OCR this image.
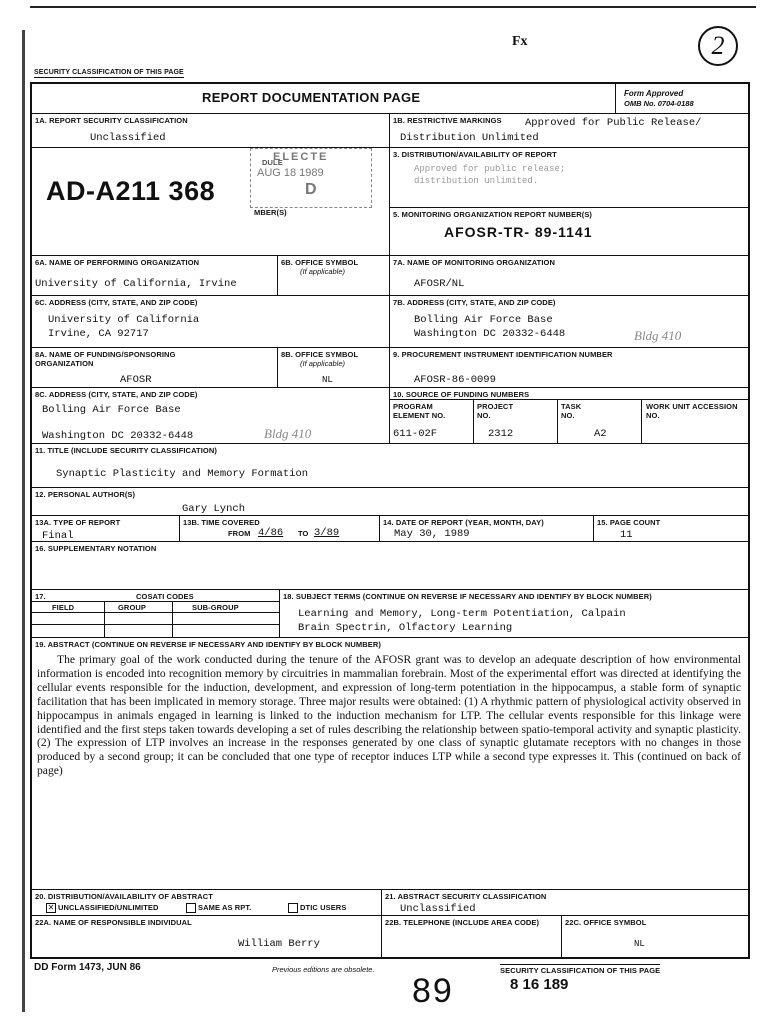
Fx	2
SECURITY CLASSIFICATION OF THIS PAGE
REPORT DOCUMENTATION PAGE	Form Approved
OMB No. 0704-0188
1A. REPORT SECURITY CLASSIFICATION
Unclassified
1B. RESTRICTIVE MARKINGS Approved for Public Release/
Distribution Unlimited
AD-A211 368
ELECTE
AUG 18 1989
D
DULE
MBER(S)
3. DISTRIBUTION/AVAILABILITY OF REPORT
Approved for public release;
distribution unlimited.
5. MONITORING ORGANIZATION REPORT NUMBER(S)
AFOSR-TR- 89-1141
6A. NAME OF PERFORMING ORGANIZATION
University of California, Irvine
6B. OFFICE SYMBOL
(If applicable)
7A. NAME OF MONITORING ORGANIZATION
AFOSR/NL
6C. ADDRESS (CITY, STATE, AND ZIP CODE)
University of California
Irvine, CA 92717
7B. ADDRESS (CITY, STATE, AND ZIP CODE)
Bolling Air Force Base
Washington DC 20332-6448	Bldg 410
8A. NAME OF FUNDING/SPONSORING ORGANIZATION
AFOSR
8B. OFFICE SYMBOL
(If applicable)
NL
9. PROCUREMENT INSTRUMENT IDENTIFICATION NUMBER
AFOSR-86-0099
8C. ADDRESS (CITY, STATE, AND ZIP CODE)
Bolling Air Force Base
Washington DC 20332-6448	Bldg 410
10. SOURCE OF FUNDING NUMBERS
PROGRAM ELEMENT NO.
611-02F
PROJECT NO.
2312
TASK NO.
A2
WORK UNIT ACCESSION NO.
11. TITLE (INCLUDE SECURITY CLASSIFICATION)
Synaptic Plasticity and Memory Formation
12. PERSONAL AUTHOR(S)
Gary Lynch
13A. TYPE OF REPORT
Final
13B. TIME COVERED
FROM 4/86 TO 3/89
14. DATE OF REPORT (YEAR, MONTH, DAY)
May 30, 1989
15. PAGE COUNT
11
16. SUPPLEMENTARY NOTATION
17.	COSATI CODES
FIELD	GROUP	SUB-GROUP
18. SUBJECT TERMS (CONTINUE ON REVERSE IF NECESSARY AND IDENTIFY BY BLOCK NUMBER)
Learning and Memory, Long-term Potentiation, Calpain
Brain Spectrin, Olfactory Learning
19. ABSTRACT (CONTINUE ON REVERSE IF NECESSARY AND IDENTIFY BY BLOCK NUMBER)
The primary goal of the work conducted during the tenure of the AFOSR grant was to develop an adequate description of how environmental information is encoded into recognition memory by circuitries in mammalian forebrain. Most of the experimental effort was directed at identifying the cellular events responsible for the induction, development, and expression of long-term potentiation in the hippocampus, a stable form of synaptic facilitation that has been implicated in memory storage. Three major results were obtained: (1) A rhythmic pattern of physiological activity observed in hippocampus in animals engaged in learning is linked to the induction mechanism for LTP. The cellular events responsible for this linkage were identified and the first steps taken towards developing a set of rules describing the relationship between spatio-temporal activity and synaptic plasticity. (2) The expression of LTP involves an increase in the responses generated by one class of synaptic glutamate receptors with no changes in those produced by a second group; it can be concluded that one type of receptor induces LTP while a second type expresses it. This (continued on back of page)
20. DISTRIBUTION/AVAILABILITY OF ABSTRACT
✕ UNCLASSIFIED/UNLIMITED	SAME AS RPT.	DTIC USERS
21. ABSTRACT SECURITY CLASSIFICATION
Unclassified
22A. NAME OF RESPONSIBLE INDIVIDUAL
William Berry
22B. TELEPHONE (INCLUDE AREA CODE)	22C. OFFICE SYMBOL
NL
DD Form 1473, JUN 86	Previous editions are obsolete.	SECURITY CLASSIFICATION OF THIS PAGE
89	8 16 189
